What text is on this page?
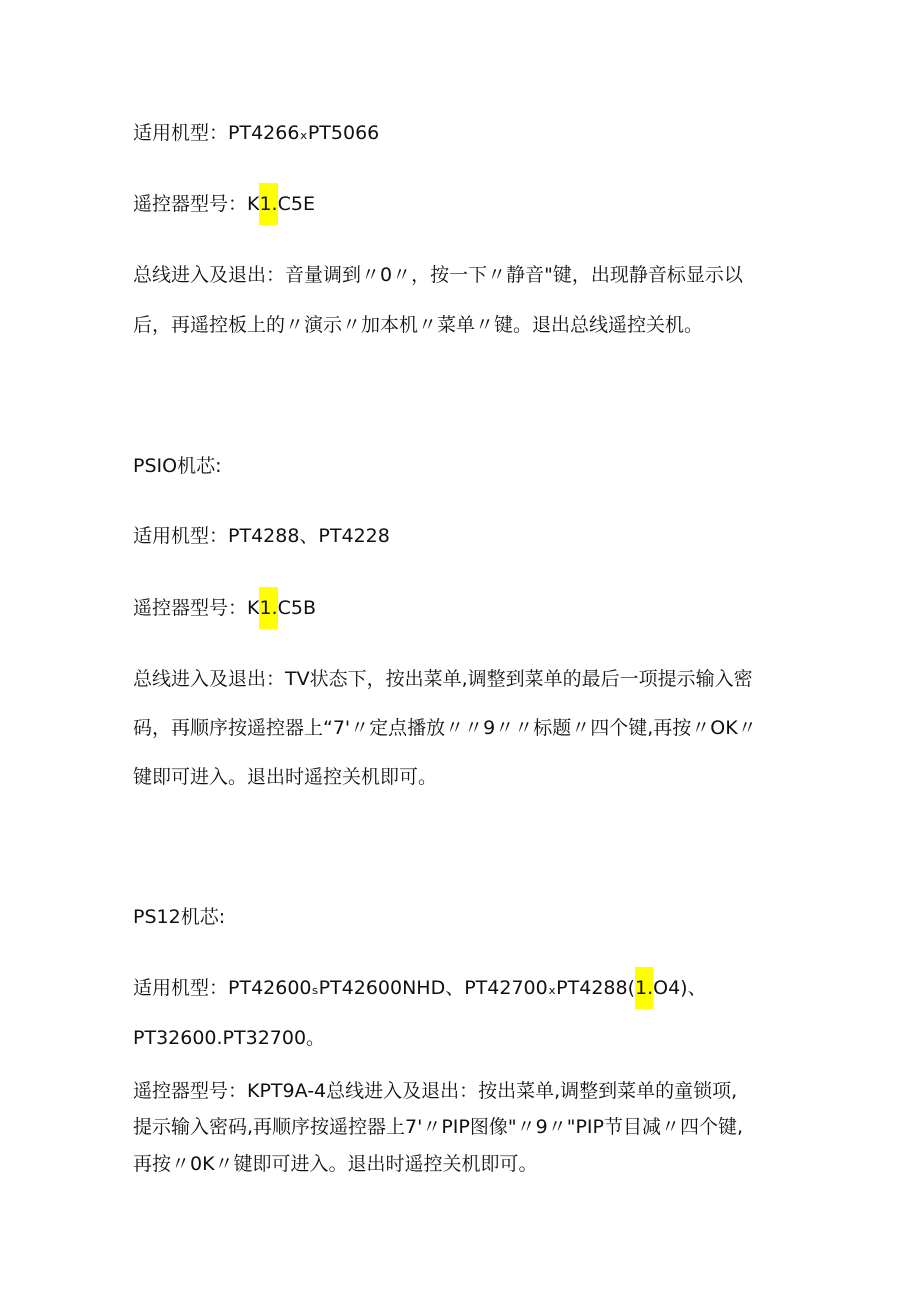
适用机型：PT4266ₓPT5066
遥控器型号：K1.C5E
总线进入及退出：音量调到〃0〃，按一下〃静音"键，出现静音标显示以
后，再遥控板上的〃演示〃加本机〃菜单〃键。退出总线遥控关机。
PSIO机芯:
适用机型：PT4288、PT4228
遥控器型号：K1.C5B
总线进入及退出：TV状态下，按出菜单,调整到菜单的最后一项提示输入密
码，再顺序按遥控器上“7'〃定点播放〃〃9〃〃标题〃四个键,再按〃OK〃
键即可进入。退出时遥控关机即可。
PS12机芯:
适用机型：PT42600ₛPT42600NHD、PT42700ₓPT4288(1.O4)、
PT32600.PT32700。
遥控器型号：KPT9A-4总线进入及退出：按出菜单,调整到菜单的童锁项,
提示输入密码,再顺序按遥控器上7'〃PIP图像"〃9〃"PIP节目减〃四个键,
再按〃0K〃键即可进入。退出时遥控关机即可。
